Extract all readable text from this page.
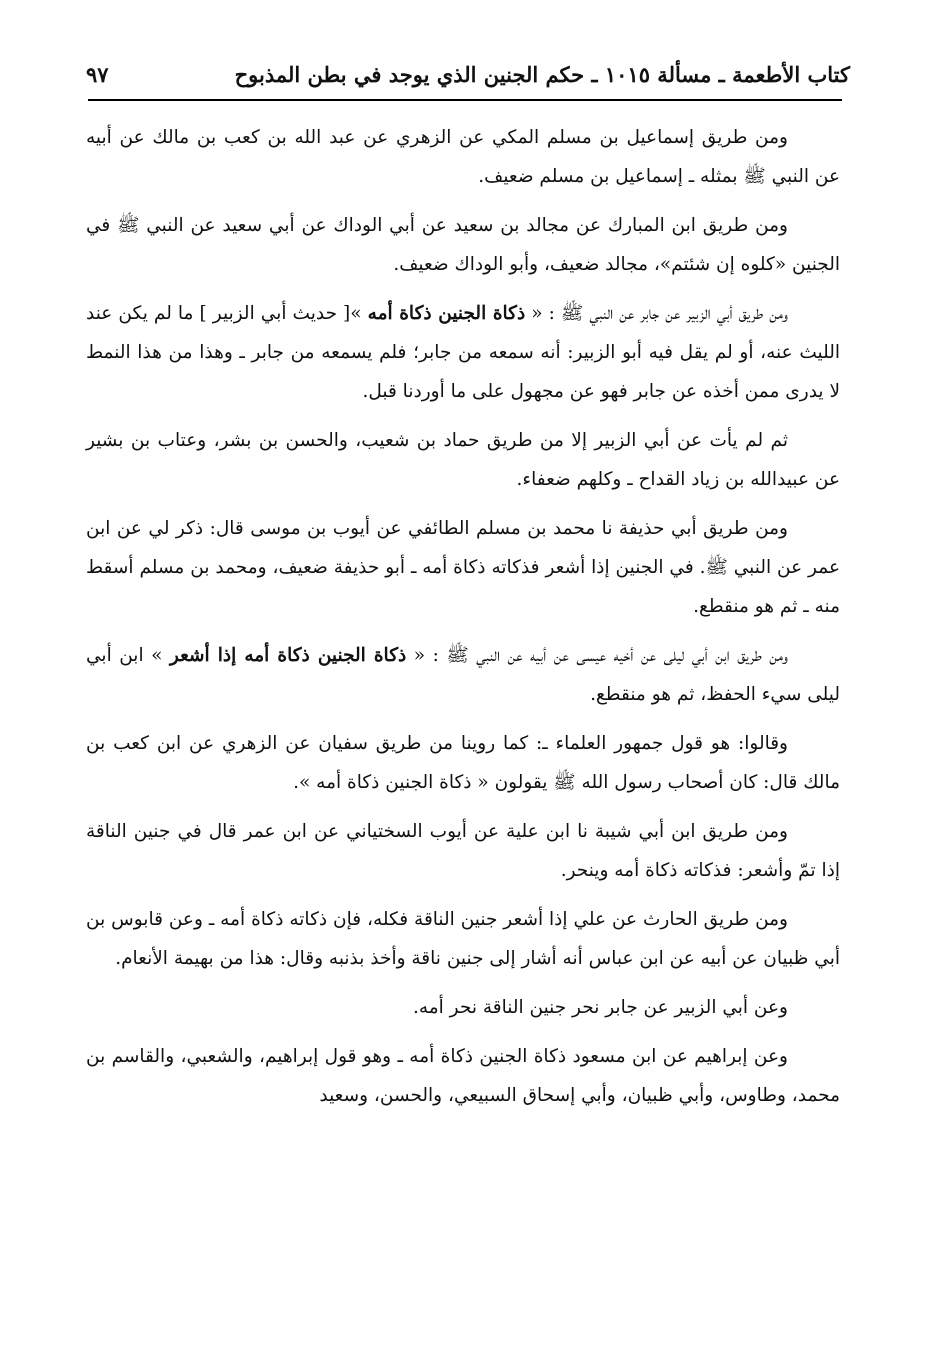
كتاب الأطعمة ـ مسألة ١٠١٥ ـ حكم الجنين الذي يوجد في بطن المذبوح
٩٧

ومن طريق إسماعيل بن مسلم المكي عن الزهري عن عبد الله بن كعب بن مالك عن أبيه عن النبي ﷺ بمثله ـ إسماعيل بن مسلم ضعيف.

ومن طريق ابن المبارك عن مجالد بن سعيد عن أبي الوداك عن أبي سعيد عن النبي ﷺ في الجنين «كلوه إن شئتم»، مجالد ضعيف، وأبو الوداك ضعيف.

ومن طريق أبي الزبير عن جابر عن النبي ﷺ : « ذكاة الجنين ذكاة أمه »[ حديث أبي الزبير ] ما لم يكن عند الليث عنه، أو لم يقل فيه أبو الزبير: أنه سمعه من جابر؛ فلم يسمعه من جابر ـ وهذا من هذا النمط لا يدرى ممن أخذه عن جابر فهو عن مجهول على ما أوردنا قبل.

ثم لم يأت عن أبي الزبير إلا من طريق حماد بن شعيب، والحسن بن بشر، وعتاب بن بشير عن عبيدالله بن زياد القداح ـ وكلهم ضعفاء.

ومن طريق أبي حذيفة نا محمد بن مسلم الطائفي عن أيوب بن موسى قال: ذكر لي عن ابن عمر عن النبي ﷺ. في الجنين إذا أشعر فذكاته ذكاة أمه ـ أبو حذيفة ضعيف، ومحمد بن مسلم أسقط منه ـ ثم هو منقطع.

ومن طريق ابن أبي ليلى عن أخيه عيسى عن أبيه عن النبي ﷺ : « ذكاة الجنين ذكاة أمه إذا أشعر » ابن أبي ليلى سيء الحفظ، ثم هو منقطع.

وقالوا: هو قول جمهور العلماء ـ: كما روينا من طريق سفيان عن الزهري عن ابن كعب بن مالك قال: كان أصحاب رسول الله ﷺ يقولون « ذكاة الجنين ذكاة أمه ».

ومن طريق ابن أبي شيبة نا ابن علية عن أيوب السختياني عن ابن عمر قال في جنين الناقة إذا تمّ وأشعر: فذكاته ذكاة أمه وينحر.

ومن طريق الحارث عن علي إذا أشعر جنين الناقة فكله، فإن ذكاته ذكاة أمه ـ وعن قابوس بن أبي ظبيان عن أبيه عن ابن عباس أنه أشار إلى جنين ناقة وأخذ بذنبه وقال: هذا من بهيمة الأنعام.

وعن أبي الزبير عن جابر نحر جنين الناقة نحر أمه.

وعن إبراهيم عن ابن مسعود ذكاة الجنين ذكاة أمه ـ وهو قول إبراهيم، والشعبي، والقاسم بن محمد، وطاوس، وأبي ظبيان، وأبي إسحاق السبيعي، والحسن، وسعيد
